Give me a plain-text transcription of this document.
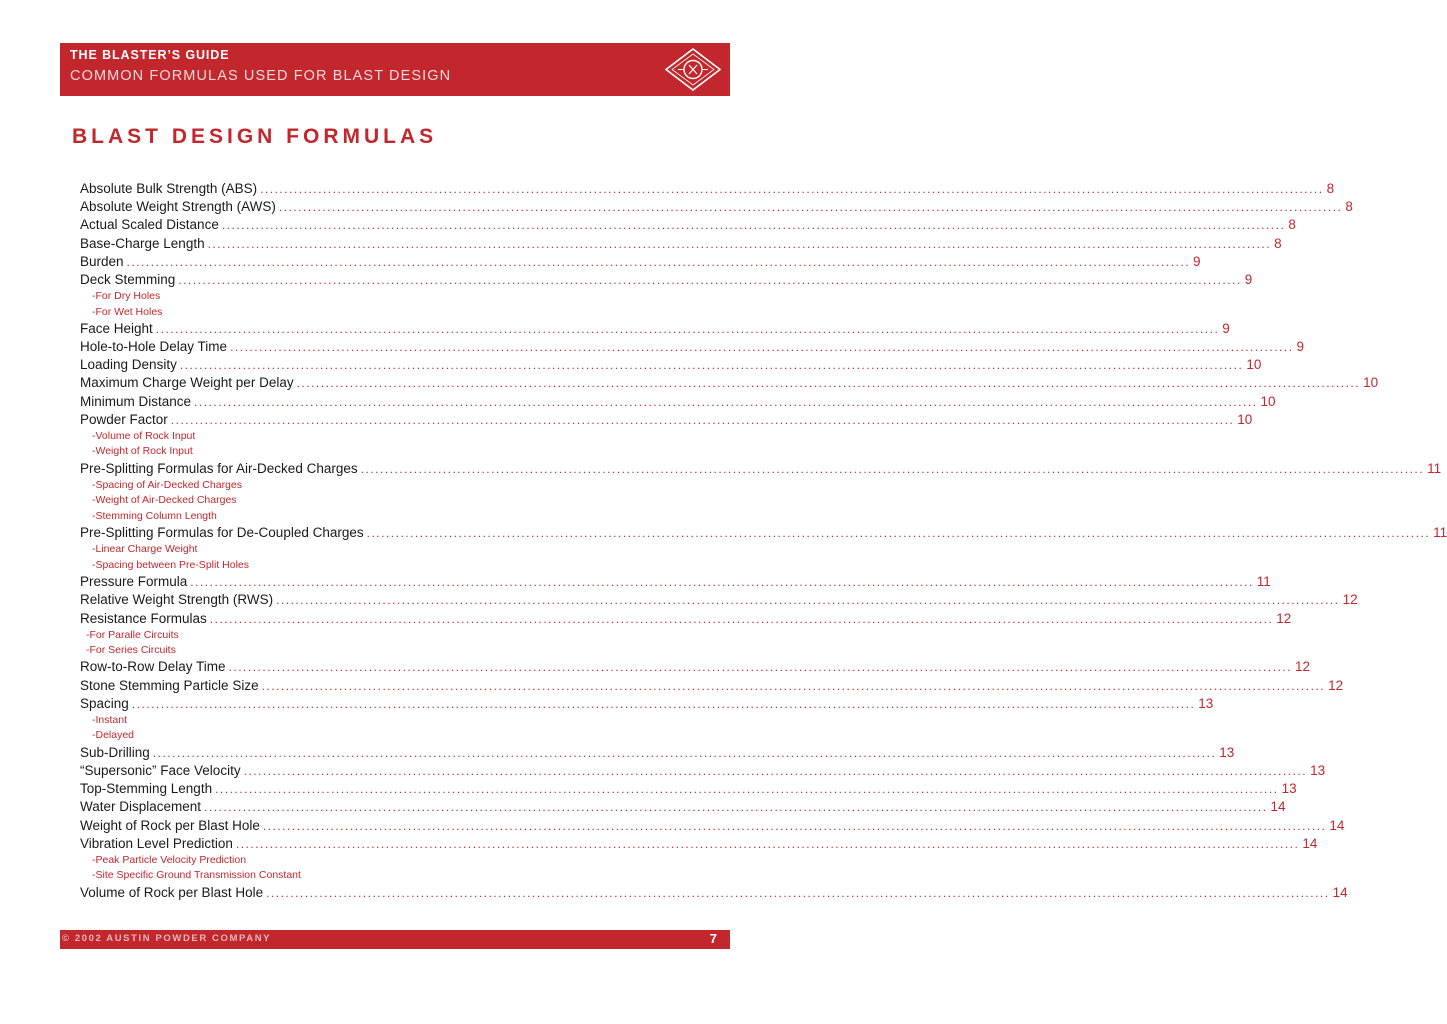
THE BLASTER’S GUIDE
COMMON FORMULAS USED FOR BLAST DESIGN
BLAST DESIGN FORMULAS
Absolute Bulk Strength (ABS) ............................................................................................................................................................................................................................ 8
Absolute Weight Strength (AWS) ............................................................................................................................................................................................................................ 8
Actual Scaled Distance ............................................................................................................................................................................................................................ 8
Base-Charge Length ............................................................................................................................................................................................................................ 8
Burden ............................................................................................................................................................................................................................ 9
Deck Stemming ............................................................................................................................................................................................................................ 9
-For Dry Holes
-For Wet Holes
Face Height ............................................................................................................................................................................................................................ 9
Hole-to-Hole Delay Time ............................................................................................................................................................................................................................ 9
Loading Density ............................................................................................................................................................................................................................ 10
Maximum Charge Weight per Delay ............................................................................................................................................................................................................................ 10
Minimum Distance ............................................................................................................................................................................................................................ 10
Powder Factor ............................................................................................................................................................................................................................ 10
-Volume of Rock Input
-Weight of Rock Input
Pre-Splitting Formulas for Air-Decked Charges ............................................................................................................................................................................................................................ 11
-Spacing of Air-Decked Charges
-Weight of Air-Decked Charges
-Stemming Column Length
Pre-Splitting Formulas for De-Coupled Charges ............................................................................................................................................................................................................................ 11
-Linear Charge Weight
-Spacing between Pre-Split Holes
Pressure Formula ............................................................................................................................................................................................................................ 11
Relative Weight Strength (RWS) ............................................................................................................................................................................................................................ 12
Resistance Formulas ............................................................................................................................................................................................................................ 12
-For Paralle Circuits
-For Series Circuits
Row-to-Row Delay Time ............................................................................................................................................................................................................................ 12
Stone Stemming Particle Size ............................................................................................................................................................................................................................ 12
Spacing ............................................................................................................................................................................................................................ 13
-Instant
-Delayed
Sub-Drilling ............................................................................................................................................................................................................................ 13
“Supersonic” Face Velocity ............................................................................................................................................................................................................................ 13
Top-Stemming Length ............................................................................................................................................................................................................................ 13
Water Displacement ............................................................................................................................................................................................................................ 14
Weight of Rock per Blast Hole ............................................................................................................................................................................................................................ 14
Vibration Level Prediction ............................................................................................................................................................................................................................ 14
-Peak Particle Velocity Prediction
-Site Specific Ground Transmission Constant
Volume of Rock per Blast Hole ............................................................................................................................................................................................................................ 14
© 2002 AUSTIN POWDER COMPANY	7
